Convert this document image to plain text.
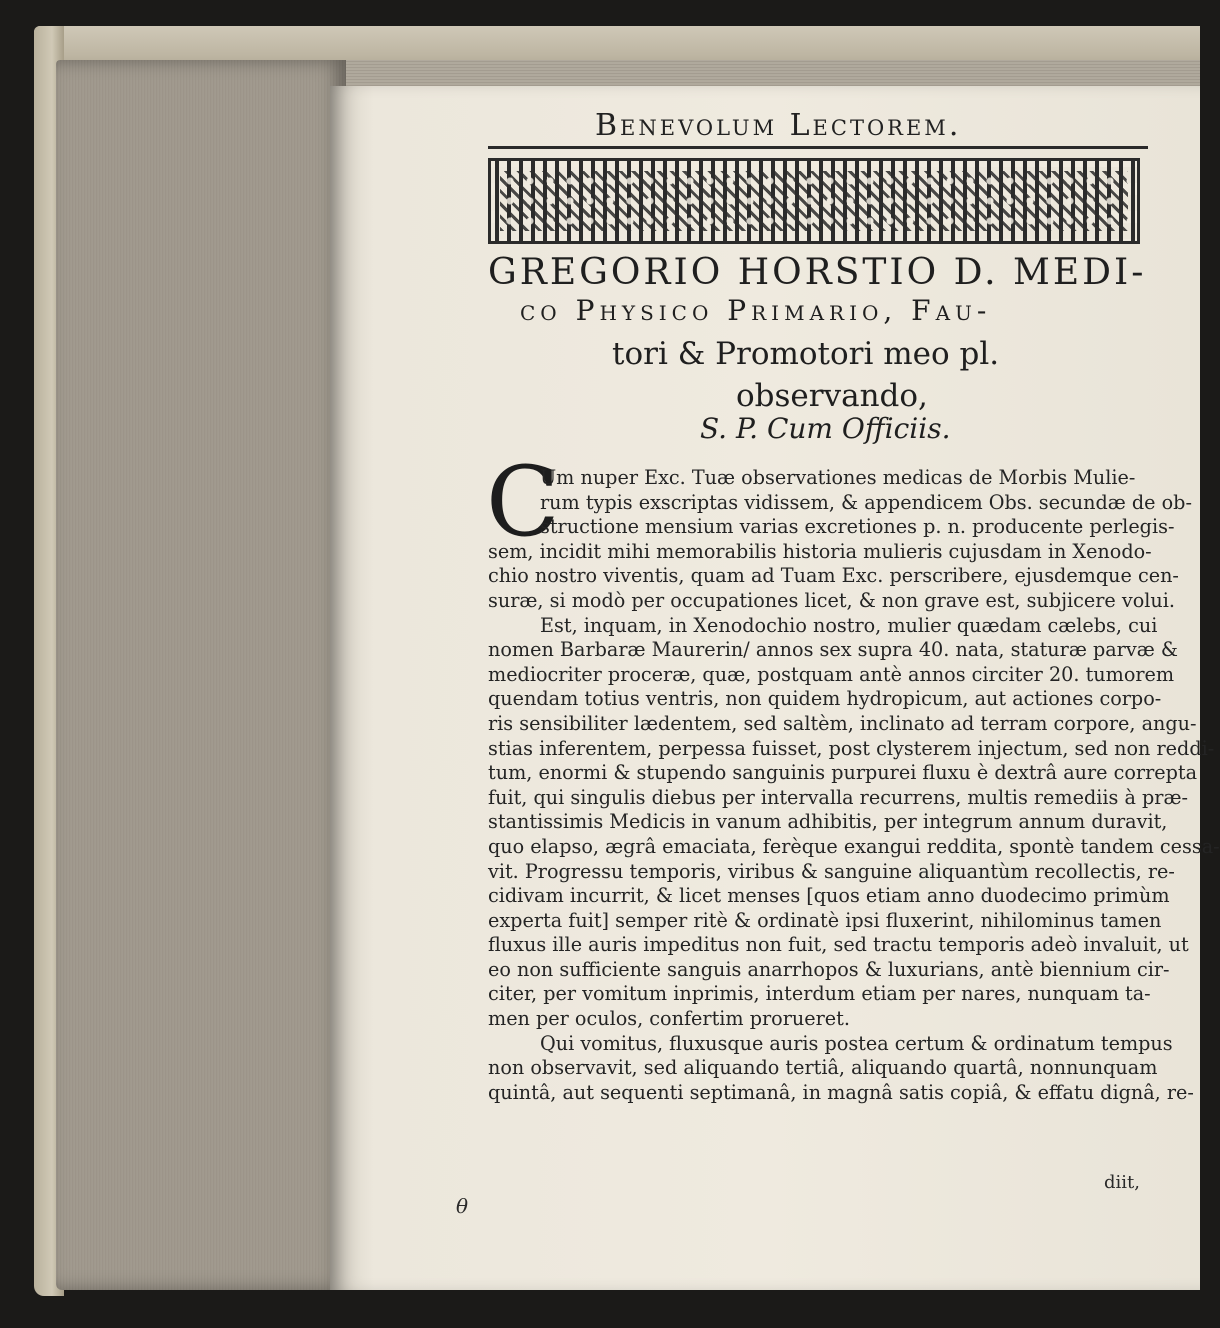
Benevolum Lectorem.
GREGORIO HORSTIO D. MEDI-
co Physico Primario, Fau-
tori & Promotori meo pl.
observando,
S. P. Cum Officiis.
C
Um nuper Exc. Tuæ observationes medicas de Morbis Mulie-
rum typis exscriptas vidissem, & appendicem Obs. secundæ de ob-
structione mensium varias excretiones p. n. producente perlegis-
sem, incidit mihi memorabilis historia mulieris cujusdam in Xenodo-
chio nostro viventis, quam ad Tuam Exc. perscribere, ejusdemque cen-
suræ, si modò per occupationes licet, & non grave est, subjicere volui.
Est, inquam, in Xenodochio nostro, mulier quædam cælebs, cui
nomen Barbaræ Maurerin/ annos sex supra 40. nata, staturæ parvæ &
mediocriter proceræ, quæ, postquam antè annos circiter 20. tumorem
quendam totius ventris, non quidem hydropicum, aut actiones corpo-
ris sensibiliter lædentem, sed saltèm, inclinato ad terram corpore, angu-
stias inferentem, perpessa fuisset, post clysterem injectum, sed non reddi-
tum, enormi & stupendo sanguinis purpurei fluxu è dextrâ aure correpta
fuit, qui singulis diebus per intervalla recurrens, multis remediis à præ-
stantissimis Medicis in vanum adhibitis, per integrum annum duravit,
quo elapso, ægrâ emaciata, ferèque exangui reddita, spontè tandem cessa-
vit. Progressu temporis, viribus & sanguine aliquantùm recollectis, re-
cidivam incurrit, & licet menses [quos etiam anno duodecimo primùm
experta fuit] semper ritè & ordinatè ipsi fluxerint, nihilominus tamen
fluxus ille auris impeditus non fuit, sed tractu temporis adeò invaluit, ut
eo non sufficiente sanguis anarrhopos & luxurians, antè biennium cir-
citer, per vomitum inprimis, interdum etiam per nares, nunquam ta-
men per oculos, confertim prorueret.
Qui vomitus, fluxusque auris postea certum & ordinatum tempus
non observavit, sed aliquando tertiâ, aliquando quartâ, nonnunquam
quintâ, aut sequenti septimanâ, in magnâ satis copiâ, & effatu dignâ, re-
diit,
θ
